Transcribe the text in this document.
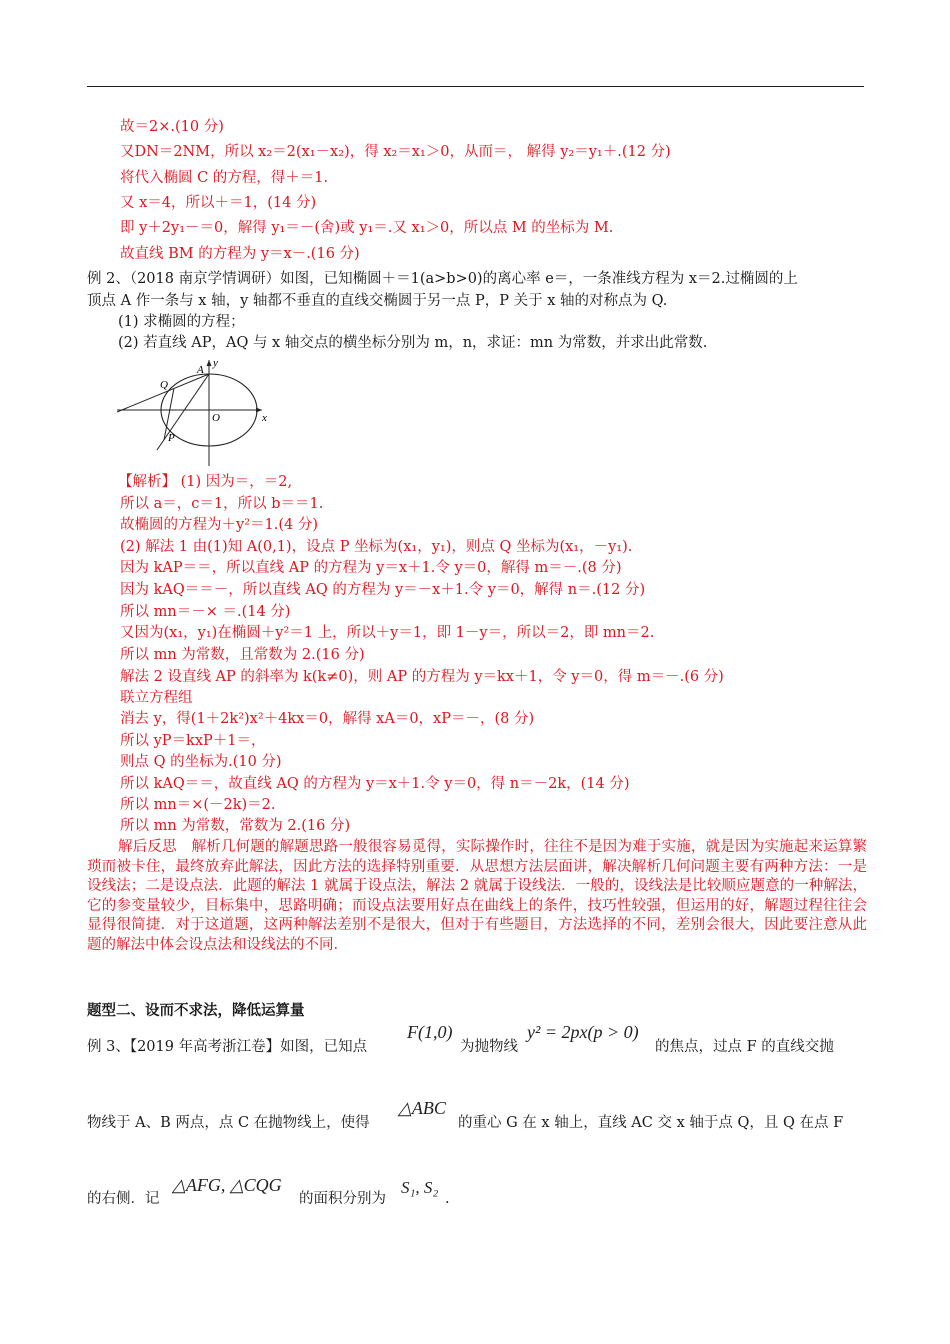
故＝2×.(10 分)
又DN＝2NM，所以 x₂＝2(x₁－x₂)，得 x₂＝x₁＞0，从而＝， 解得 y₂＝y₁＋.(12 分)
将代入椭圆 C 的方程，得＋＝1.
又 x＝4，所以＋＝1，(14 分)
即 y＋2y₁－＝0，解得 y₁＝－(舍)或 y₁＝.又 x₁＞0，所以点 M 的坐标为 M.
故直线 BM 的方程为 y＝x－.(16 分)
例 2、（2018 南京学情调研）如图，已知椭圆＋＝1(a>b>0)的离心率 e＝，一条准线方程为 x＝2.过椭圆的上
顶点 A 作一条与 x 轴，y 轴都不垂直的直线交椭圆于另一点 P，P 关于 x 轴的对称点为 Q.
(1) 求椭圆的方程；
(2) 若直线 AP，AQ 与 x 轴交点的横坐标分别为 m，n，求证：mn 为常数，并求出此常数.
y
A
Q
O	x
P
【解析】 (1) 因为＝，＝2,
所以 a＝，c＝1，所以 b＝＝1.
故椭圆的方程为＋y²＝1.(4 分)
(2) 解法 1 由(1)知 A(0,1)，设点 P 坐标为(x₁，y₁)，则点 Q 坐标为(x₁，－y₁).
因为 kAP＝＝，所以直线 AP 的方程为 y＝x＋1.令 y＝0，解得 m＝－.(8 分)
因为 kAQ＝＝－，所以直线 AQ 的方程为 y＝－x＋1.令 y＝0，解得 n＝.(12 分)
所以 mn＝－× ＝.(14 分)
又因为(x₁，y₁)在椭圆＋y²＝1 上，所以＋y＝1，即 1－y＝，所以＝2，即 mn＝2.
所以 mn 为常数，且常数为 2.(16 分)
解法 2 设直线 AP 的斜率为 k(k≠0)，则 AP 的方程为 y＝kx＋1，令 y＝0，得 m＝－.(6 分)
联立方程组
消去 y，得(1＋2k²)x²＋4kx＝0，解得 xA＝0，xP＝－，(8 分)
所以 yP＝kxP＋1＝，
则点 Q 的坐标为.(10 分)
所以 kAQ＝＝，故直线 AQ 的方程为 y＝x＋1.令 y＝0，得 n＝－2k，(14 分)
所以 mn＝×(－2k)＝2.
所以 mn 为常数，常数为 2.(16 分)
解后反思　解析几何题的解题思路一般很容易觅得，实际操作时，往往不是因为难于实施，就是因为实施起来运算繁琐而被卡住，最终放弃此解法，因此方法的选择特别重要．从思想方法层面讲，解决解析几何问题主要有两种方法：一是设线法；二是设点法．此题的解法 1 就属于设点法，解法 2 就属于设线法．一般的，设线法是比较顺应题意的一种解法，它的参变量较少，目标集中，思路明确；而设点法要用好点在曲线上的条件，技巧性较强，但运用的好，解题过程往往会显得很简捷．对于这道题，这两种解法差别不是很大，但对于有些题目，方法选择的不同，差别会很大，因此要注意从此题的解法中体会设点法和设线法的不同．
题型二、设而不求法，降低运算量
例 3、【2019 年高考浙江卷】如图，已知点
F(1,0)
为抛物线
y² = 2px(p > 0)
的焦点，过点 F 的直线交抛
物线于 A、B 两点，点 C 在抛物线上，使得
△ABC
的重心 G 在 x 轴上，直线 AC 交 x 轴于点 Q，且 Q 在点 F
的右侧．记
△AFG, △CQG
的面积分别为
S₁, S₂
.
